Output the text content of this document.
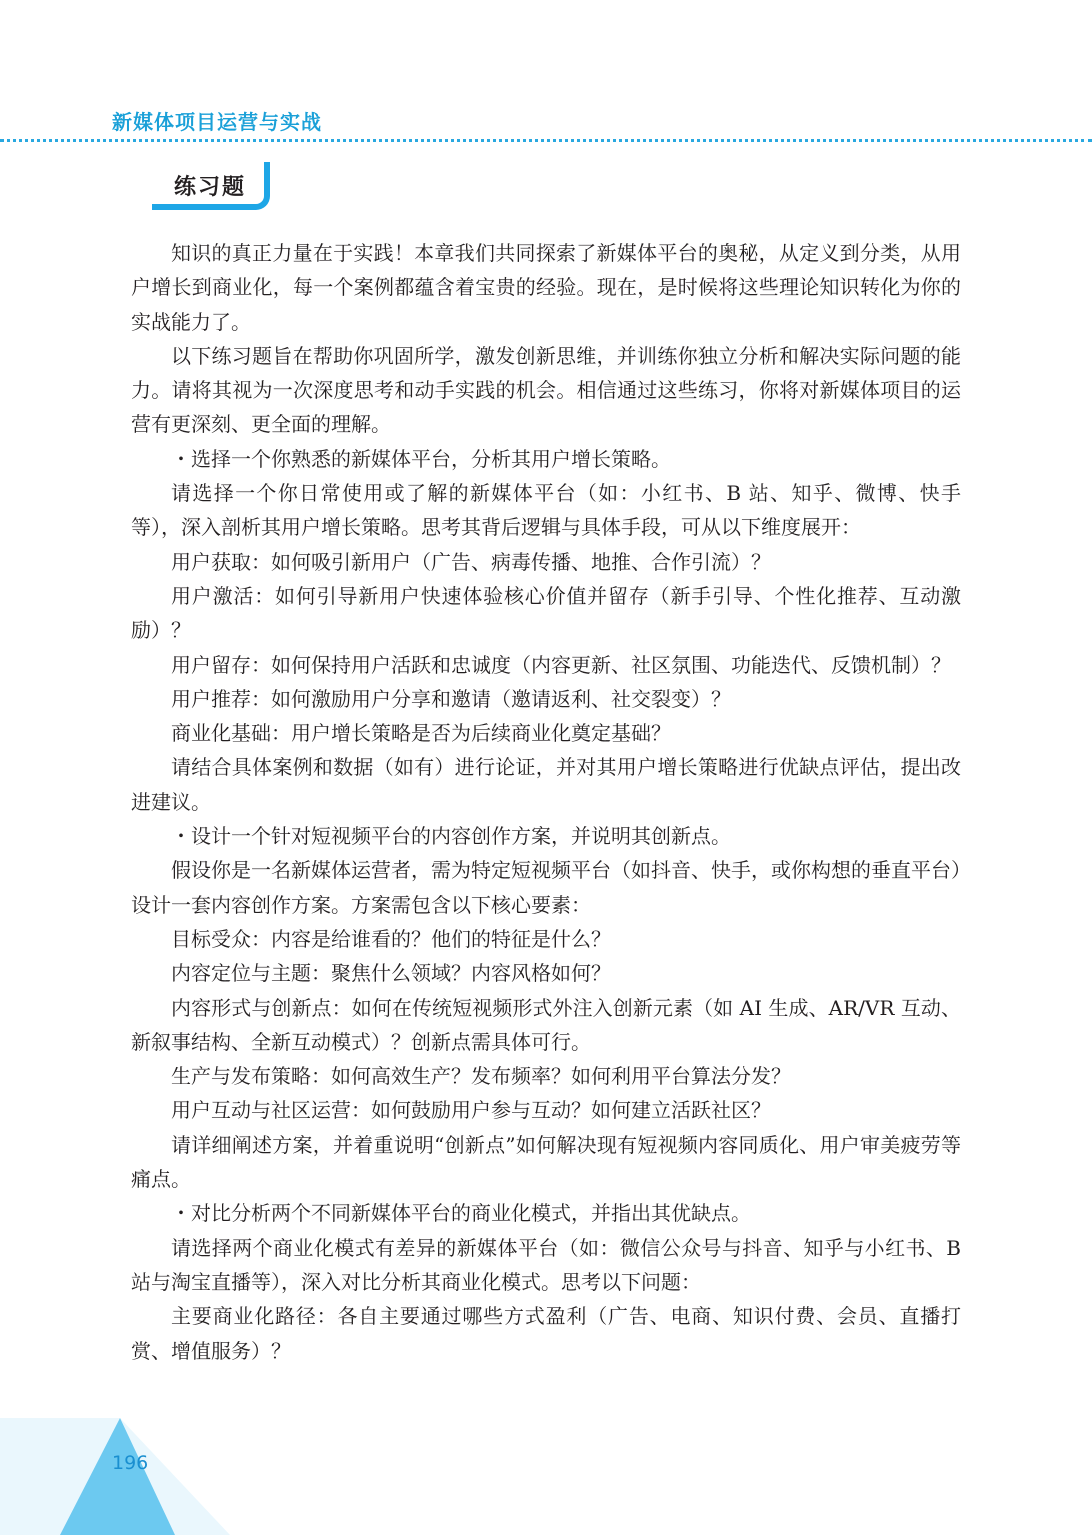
新媒体项目运营与实战
练习题

知识的真正力量在于实践！本章我们共同探索了新媒体平台的奥秘，从定义到分类，从用户增长到商业化，每一个案例都蕴含着宝贵的经验。现在，是时候将这些理论知识转化为你的实战能力了。

以下练习题旨在帮助你巩固所学，激发创新思维，并训练你独立分析和解决实际问题的能力。请将其视为一次深度思考和动手实践的机会。相信通过这些练习，你将对新媒体项目的运营有更深刻、更全面的理解。

・选择一个你熟悉的新媒体平台，分析其用户增长策略。

请选择一个你日常使用或了解的新媒体平台（如：小红书、B 站、知乎、微博、快手等），深入剖析其用户增长策略。思考其背后逻辑与具体手段，可从以下维度展开：

用户获取：如何吸引新用户（广告、病毒传播、地推、合作引流）？

用户激活：如何引导新用户快速体验核心价值并留存（新手引导、个性化推荐、互动激励）？

用户留存：如何保持用户活跃和忠诚度（内容更新、社区氛围、功能迭代、反馈机制）？

用户推荐：如何激励用户分享和邀请（邀请返利、社交裂变）？

商业化基础：用户增长策略是否为后续商业化奠定基础？

请结合具体案例和数据（如有）进行论证，并对其用户增长策略进行优缺点评估，提出改进建议。

・设计一个针对短视频平台的内容创作方案，并说明其创新点。

假设你是一名新媒体运营者，需为特定短视频平台（如抖音、快手，或你构想的垂直平台）设计一套内容创作方案。方案需包含以下核心要素：

目标受众：内容是给谁看的？他们的特征是什么？

内容定位与主题：聚焦什么领域？内容风格如何？

内容形式与创新点：如何在传统短视频形式外注入创新元素（如 AI 生成、AR/VR 互动、新叙事结构、全新互动模式）？创新点需具体可行。

生产与发布策略：如何高效生产？发布频率？如何利用平台算法分发？

用户互动与社区运营：如何鼓励用户参与互动？如何建立活跃社区？

请详细阐述方案，并着重说明“创新点”如何解决现有短视频内容同质化、用户审美疲劳等痛点。

・对比分析两个不同新媒体平台的商业化模式，并指出其优缺点。

请选择两个商业化模式有差异的新媒体平台（如：微信公众号与抖音、知乎与小红书、B 站与淘宝直播等），深入对比分析其商业化模式。思考以下问题：

主要商业化路径：各自主要通过哪些方式盈利（广告、电商、知识付费、会员、直播打赏、增值服务）？

196
